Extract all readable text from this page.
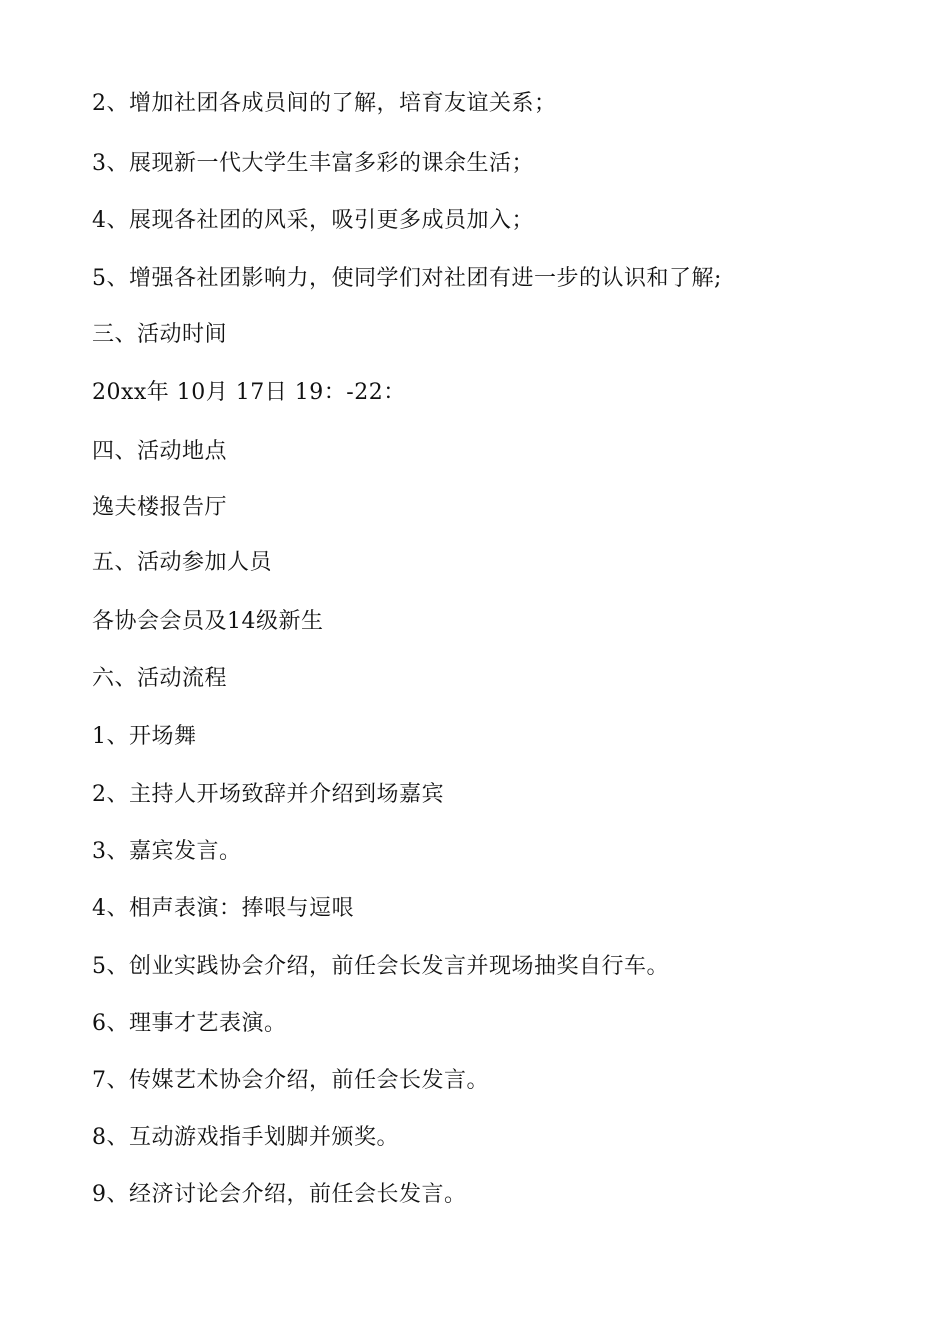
2、增加社团各成员间的了解，培育友谊关系；
3、展现新一代大学生丰富多彩的课余生活；
4、展现各社团的风采，吸引更多成员加入；
5、增强各社团影响力，使同学们对社团有进一步的认识和了解;
三、活动时间
20xx年 10月 17日 19：-22：
四、活动地点
逸夫楼报告厅
五、活动参加人员
各协会会员及14级新生
六、活动流程
1、开场舞
2、主持人开场致辞并介绍到场嘉宾
3、嘉宾发言。
4、相声表演：捧哏与逗哏
5、创业实践协会介绍，前任会长发言并现场抽奖自行车。
6、理事才艺表演。
7、传媒艺术协会介绍，前任会长发言。
8、互动游戏指手划脚并颁奖。
9、经济讨论会介绍，前任会长发言。
